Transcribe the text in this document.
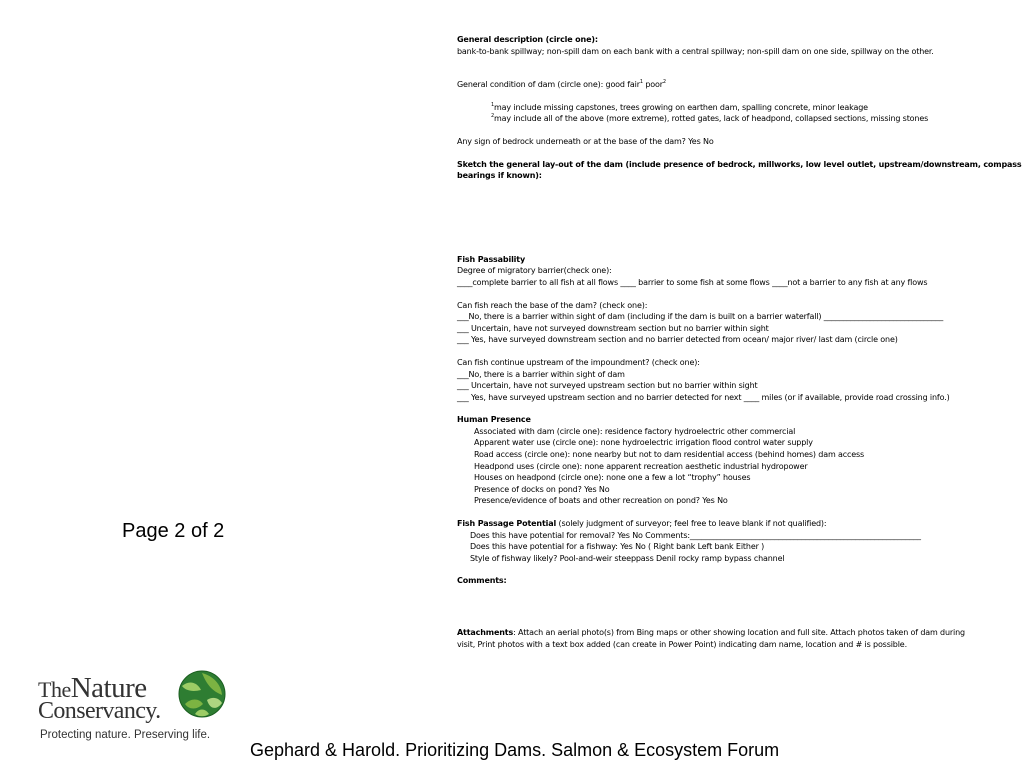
General description (circle one):

bank-to-bank spillway; non-spill dam on each bank with a central spillway; non-spill dam on one side, spillway on the other.

General condition of dam (circle one): good fair$^1$ poor$^2$

$^1$may include missing capstones, trees growing on earthen dam, spalling concrete, minor leakage

$^2$may include all of the above (more extreme), rotted gates, lack of headpond, collapsed sections, missing stones

Any sign of bedrock underneath or at the base of the dam? Yes No

Sketch the general lay-out of the dam (include presence of bedrock, millworks, low level outlet, upstream/downstream, compass

bearings if known):

Fish Passability

Degree of migratory barrier(check one):

____complete barrier to all fish at all flows ____ barrier to some fish at some flows ____not a barrier to any fish at any flows

Can fish reach the base of the dam? (check one):

___No, there is a barrier within sight of dam (including if the dam is built on a barrier waterfall) _______________________________

___ Uncertain, have not surveyed downstream section but no barrier within sight

___ Yes, have surveyed downstream section and no barrier detected from ocean/ major river/ last dam (circle one)

Can fish continue upstream of the impoundment? (check one):

___No, there is a barrier within sight of dam

___ Uncertain, have not surveyed upstream section but no barrier within sight

___ Yes, have surveyed upstream section and no barrier detected for next ____ miles (or if available, provide road crossing info.)

Human Presence

Associated with dam (circle one): residence factory hydroelectric other commercial

Apparent water use (circle one): none hydroelectric irrigation flood control water supply

Road access (circle one): none nearby but not to dam residential access (behind homes) dam access

Headpond uses (circle one): none apparent recreation aesthetic industrial hydropower

Houses on headpond (circle one): none one a few a lot “trophy” houses

Presence of docks on pond? Yes No

Presence/evidence of boats and other recreation on pond? Yes No

Fish Passage Potential (solely judgment of surveyor; feel free to leave blank if not qualified):

Does this have potential for removal? Yes No Comments:____________________________________________________________

Does this have potential for a fishway: Yes No ( Right bank Left bank Either )

Style of fishway likely? Pool-and-weir steeppass Denil rocky ramp bypass channel

Comments:

Attachments: Attach an aerial photo(s) from Bing maps or other showing location and full site. Attach photos taken of dam during

visit, Print photos with a text box added (can create in Power Point) indicating dam name, location and # is possible.

Page 2 of 2
TheNature
Conservancy.
Protecting nature. Preserving life.
Gephard & Harold. Prioritizing Dams. Salmon & Ecosystem Forum
